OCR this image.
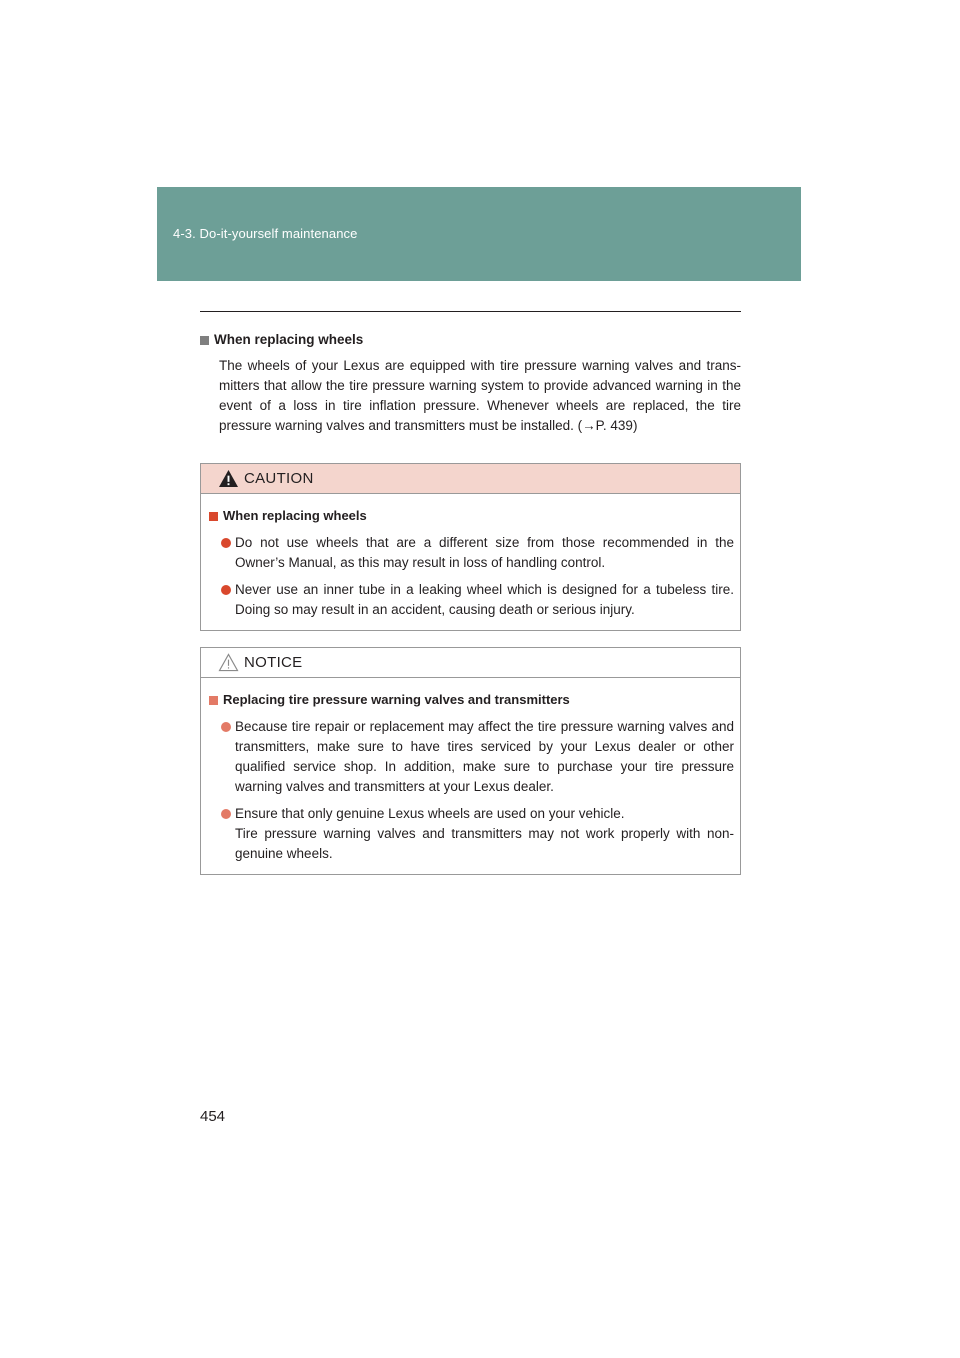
4-3. Do-it-yourself maintenance
When replacing wheels
The wheels of your Lexus are equipped with tire pressure warning valves and trans-mitters that allow the tire pressure warning system to provide advanced warning in the event of a loss in tire inflation pressure. Whenever wheels are replaced, the tire pressure warning valves and transmitters must be installed. (→P. 439)
CAUTION
When replacing wheels
Do not use wheels that are a different size from those recommended in the Owner’s Manual, as this may result in loss of handling control.
Never use an inner tube in a leaking wheel which is designed for a tubeless tire. Doing so may result in an accident, causing death or serious injury.
NOTICE
Replacing tire pressure warning valves and transmitters
Because tire repair or replacement may affect the tire pressure warning valves and transmitters, make sure to have tires serviced by your Lexus dealer or other qualified service shop. In addition, make sure to purchase your tire pressure warning valves and transmitters at your Lexus dealer.
Ensure that only genuine Lexus wheels are used on your vehicle.
Tire pressure warning valves and transmitters may not work properly with non-genuine wheels.
454
